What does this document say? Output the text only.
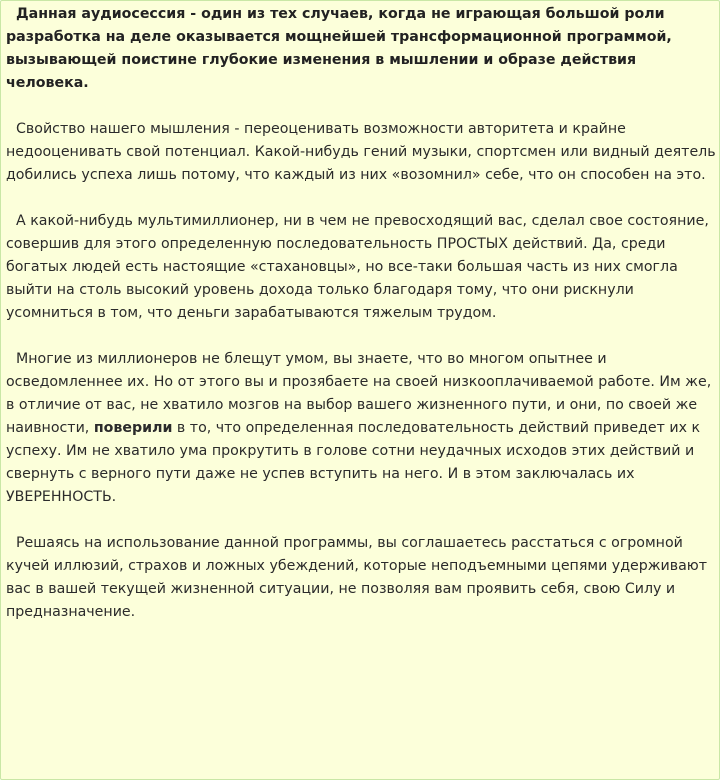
Данная аудиосессия - один из тех случаев, когда не играющая большой роли разработка на деле оказывается мощнейшей трансформационной программой, вызывающей поистине глубокие изменения в мышлении и образе действия человека.

Свойство нашего мышления - переоценивать возможности авторитета и крайне недооценивать свой потенциал. Какой-нибудь гений музыки, спортсмен или видный деятель добились успеха лишь потому, что каждый из них «возомнил» себе, что он способен на это.

А какой-нибудь мультимиллионер, ни в чем не превосходящий вас, сделал свое состояние, совершив для этого определенную последовательность ПРОСТЫХ действий. Да, среди богатых людей есть настоящие «стахановцы», но все-таки большая часть из них смогла выйти на столь высокий уровень дохода только благодаря тому, что они рискнули усомниться в том, что деньги зарабатываются тяжелым трудом.

Многие из миллионеров не блещут умом, вы знаете, что во многом опытнее и осведомленнее их. Но от этого вы и прозябаете на своей низкооплачиваемой работе. Им же, в отличие от вас, не хватило мозгов на выбор вашего жизненного пути, и они, по своей же наивности, поверили в то, что определенная последовательность действий приведет их к успеху. Им не хватило ума прокрутить в голове сотни неудачных исходов этих действий и свернуть с верного пути даже не успев вступить на него. И в этом заключалась их УВЕРЕННОСТЬ.

Решаясь на использование данной программы, вы соглашаетесь расстаться с огромной кучей иллюзий, страхов и ложных убеждений, которые неподъемными цепями удерживают вас в вашей текущей жизненной ситуации, не позволяя вам проявить себя, свою Силу и предназначение.
